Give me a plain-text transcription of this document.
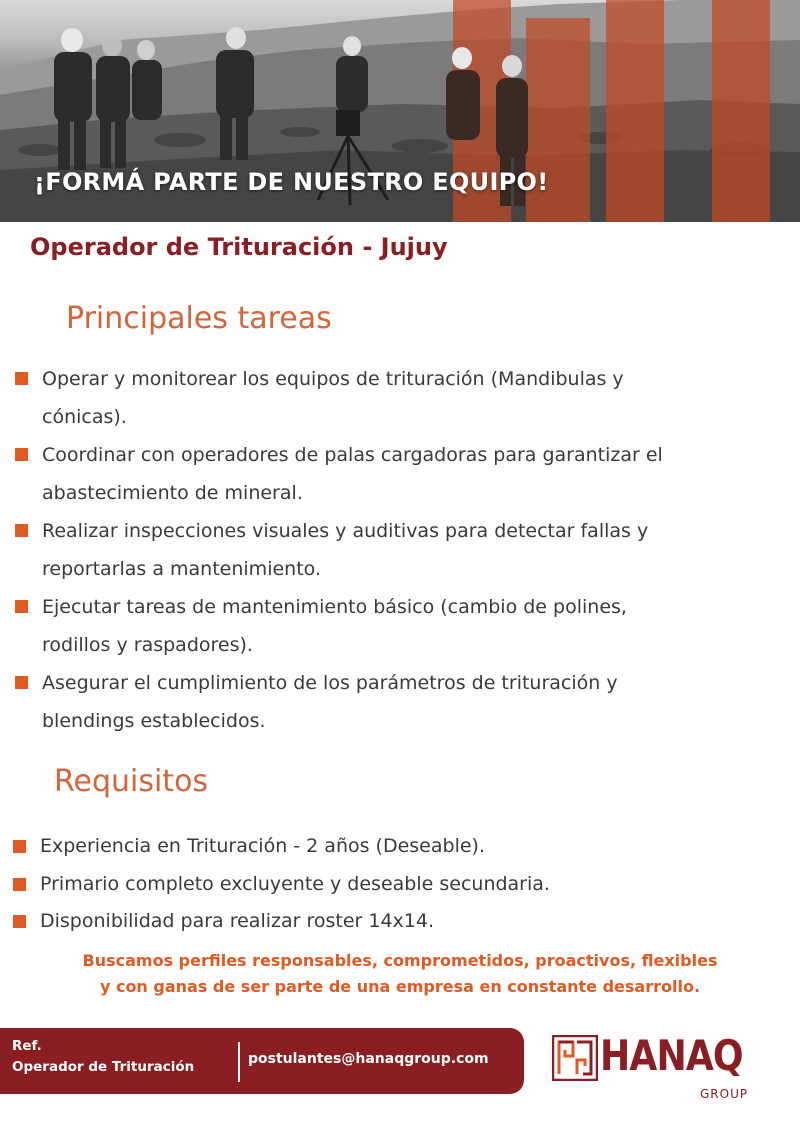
¡FORMÁ PARTE DE NUESTRO EQUIPO!
Operador de Trituración - Jujuy
Principales tareas
Operar y monitorear los equipos de trituración (Mandibulas y
cónicas).
Coordinar con operadores de palas cargadoras para garantizar el
abastecimiento de mineral.
Realizar inspecciones visuales y auditivas para detectar fallas y
reportarlas a mantenimiento.
Ejecutar tareas de mantenimiento básico (cambio de polines,
rodillos y raspadores).
Asegurar el cumplimiento de los parámetros de trituración y
blendings establecidos.
Requisitos
Experiencia en Trituración - 2 años (Deseable).
Primario completo excluyente y deseable secundaria.
Disponibilidad para realizar roster 14x14.
Buscamos perfiles responsables, comprometidos, proactivos, flexibles
y con ganas de ser parte de una empresa en constante desarrollo.
Ref.
Operador de Trituración	postulantes@hanaqgroup.com	HANAQ
GROUP
